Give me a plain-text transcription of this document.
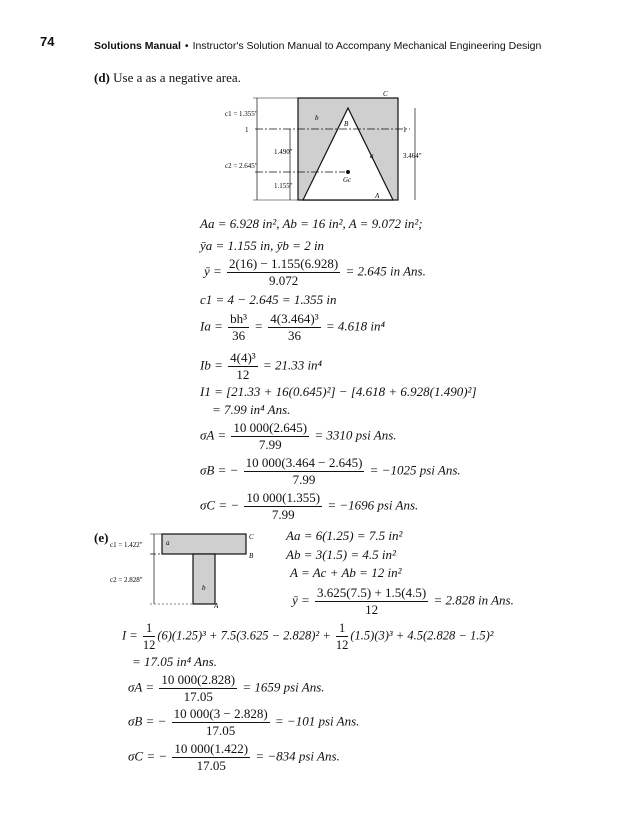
74	Solutions Manual • Instructor's Solution Manual to Accompany Mechanical Engineering Design
(d) Use a as a negative area.
C
b
B
a
A
Gc
c1 = 1.355"
c2 = 2.645"
1	1
1.490"
1.155"
3.464"
Aa = 6.928 in², Ab = 16 in², A = 9.072 in²;
ȳa = 1.155 in, ȳb = 2 in
ȳ = $\frac{2(16) - 1.155(6.928)}{9.072} = 2.645$ in Ans.
c1 = 4 − 2.645 = 1.355 in
$Ia = \frac{\text{bh³}}{36} = \frac{\text{4(3.464)³}}{36} = 4.618$ in⁴
$Ib = \frac{\text{4(4)³}}{12} = 21.33$ in⁴
I1 = [21.33 + 16(0.645)²] − [4.618 + 6.928(1.490)²]
= 7.99 in⁴ Ans.
$\sigma A = \frac{10 000(2.645)}{7.99} = 3310$ psi Ans.
σB = − $\frac{10 000(3.464 - 2.645)}{7.99} = -1025$ psi Ans.
σC = − $\frac{10 000(1.355)}{7.99} = -1696$ psi Ans.
(e) c1 = 1.422"
c2 = 2.828"
a
b
C
B
A
Aa = 6(1.25) = 7.5 in²
Ab = 3(1.5) = 4.5 in²
A = Ac + Ab = 12 in²
ȳ = $\frac{3.625(7.5) + 1.5(4.5)}{12} = 2.828$ in Ans.
$I = \frac{1}{12} (6)(1.25)^3 + 7.5(3.625 - 2.828)^2 + \frac{1}{12} (1.5)(3)^3 + 4.5(2.828 - 1.5)^2$
= 17.05 in⁴ Ans.
$\sigma A = \frac{10 000(2.828)}{17.05} = 1659$ psi Ans.
σB = − $\frac{10 000(3 - 2.828)}{17.05} = -101$ psi Ans.
σC = − $\frac{10 000(1.422)}{17.05} = -834$ psi Ans.
